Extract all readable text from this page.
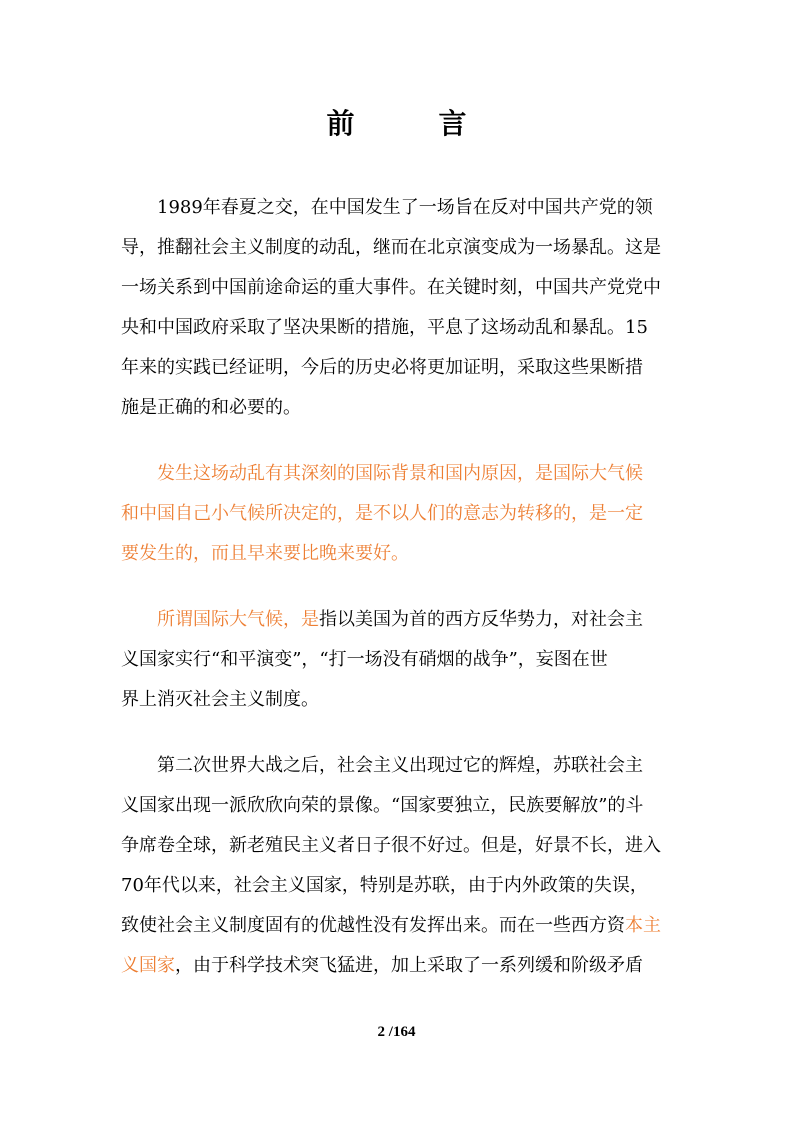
前　言

1989年春夏之交，在中国发生了一场旨在反对中国共产党的领
导，推翻社会主义制度的动乱，继而在北京演变成为一场暴乱。这是
一场关系到中国前途命运的重大事件。在关键时刻，中国共产党党中
央和中国政府采取了坚决果断的措施，平息了这场动乱和暴乱。15
年来的实践已经证明，今后的历史必将更加证明，采取这些果断措
施是正确的和必要的。

发生这场动乱有其深刻的国际背景和国内原因，是国际大气候
和中国自己小气候所决定的，是不以人们的意志为转移的，是一定
要发生的，而且早来要比晚来要好。

所谓国际大气候，是指以美国为首的西方反华势力，对社会主
义国家实行“和平演变”，“打一场没有硝烟的战争”，妄图在世
界上消灭社会主义制度。

第二次世界大战之后，社会主义出现过它的辉煌，苏联社会主
义国家出现一派欣欣向荣的景像。“国家要独立，民族要解放”的斗
争席卷全球，新老殖民主义者日子很不好过。但是，好景不长，进入
70年代以来，社会主义国家，特别是苏联，由于内外政策的失误，
致使社会主义制度固有的优越性没有发挥出来。而在一些西方资本主
义国家，由于科学技术突飞猛进，加上采取了一系列缓和阶级矛盾

2 /164
